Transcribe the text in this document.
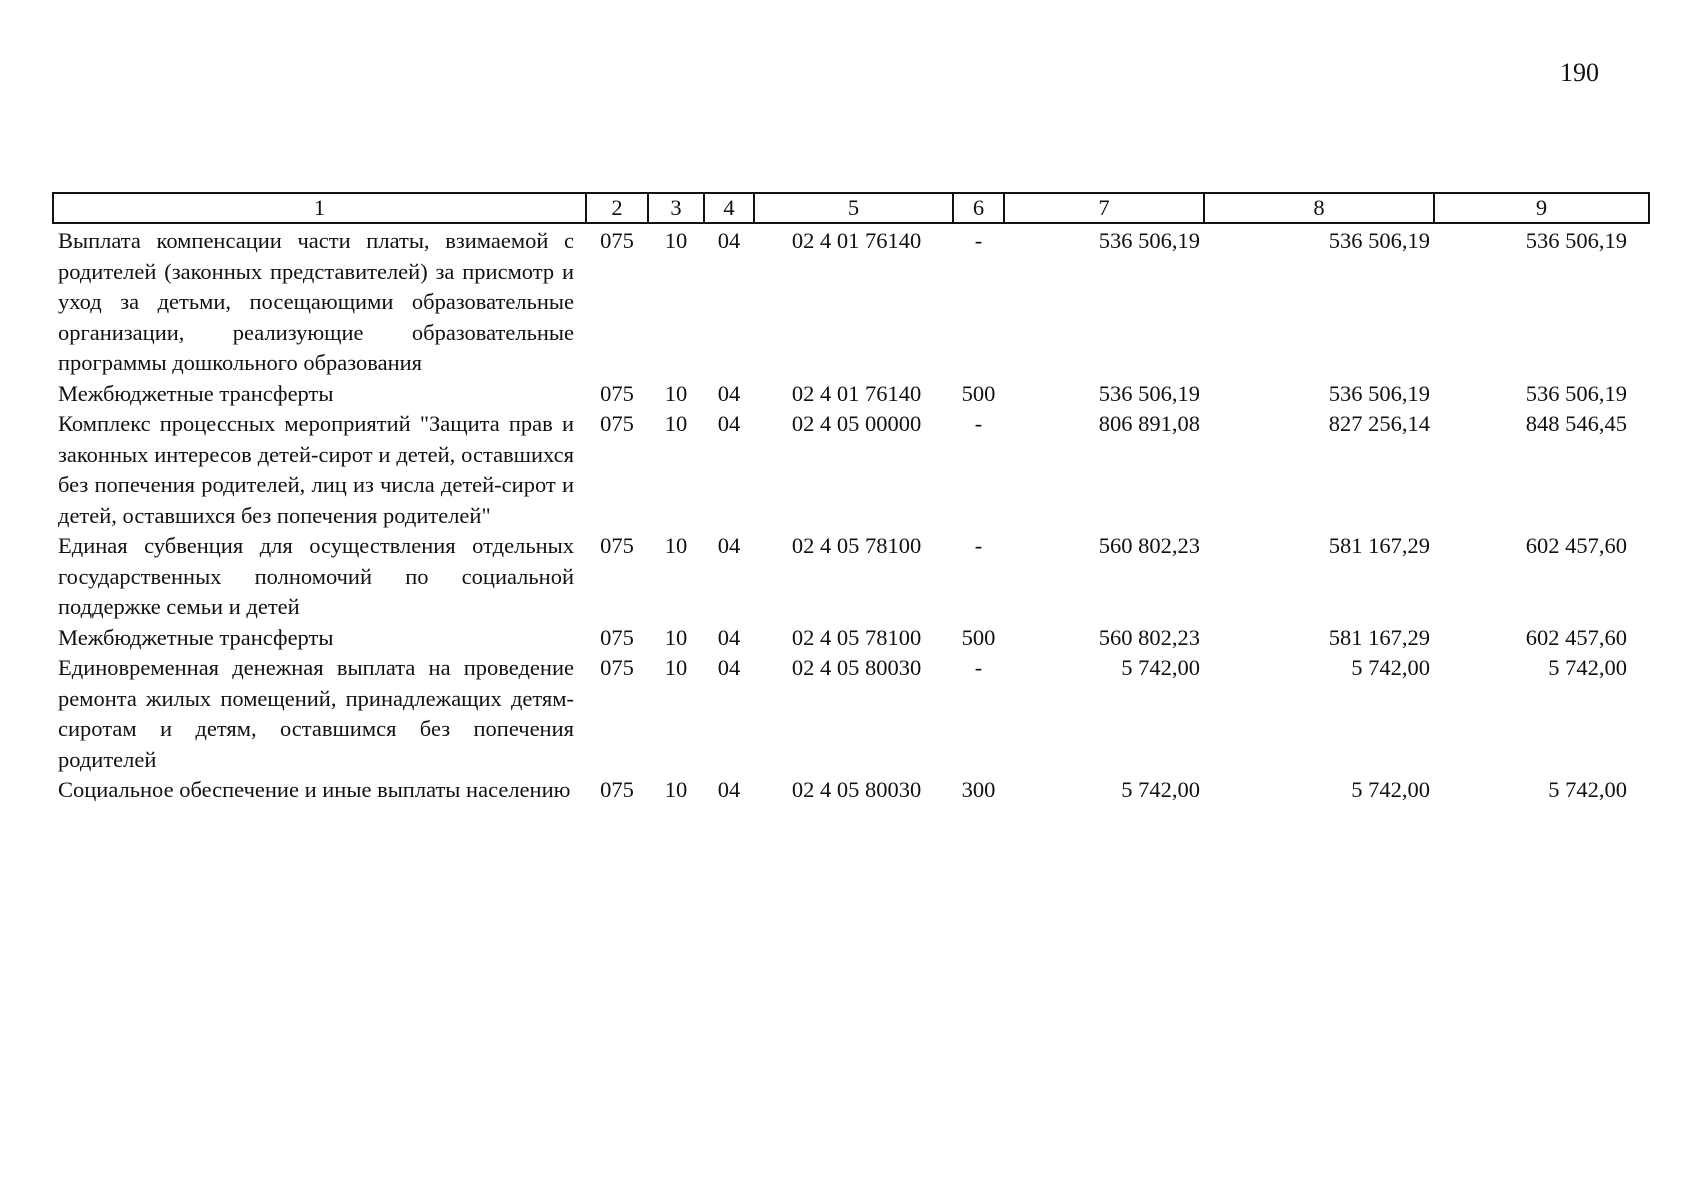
190
1	2	3	4	5	6	7	8	9
Выплата компенсации части платы, взимаемой с родителей (законных представителей) за присмотр и уход за детьми, посещающими образовательные организации, реализующие образовательные программы дошкольного образования	075	10	04	02 4 01 76140	-	536 506,19	536 506,19	536 506,19
Межбюджетные трансферты	075	10	04	02 4 01 76140	500	536 506,19	536 506,19	536 506,19
Комплекс процессных мероприятий "Защита прав и законных интересов детей-сирот и детей, оставшихся без попечения родителей, лиц из числа детей-сирот и детей, оставшихся без попечения родителей"	075	10	04	02 4 05 00000	-	806 891,08	827 256,14	848 546,45
Единая субвенция для осуществления отдельных государственных полномочий по социальной поддержке семьи и детей	075	10	04	02 4 05 78100	-	560 802,23	581 167,29	602 457,60
Межбюджетные трансферты	075	10	04	02 4 05 78100	500	560 802,23	581 167,29	602 457,60
Единовременная денежная выплата на проведение ремонта жилых помещений, принадлежащих детям-сиротам и детям, оставшимся без попечения родителей	075	10	04	02 4 05 80030	-	5 742,00	5 742,00	5 742,00
Социальное обеспечение и иные выплаты населению	075	10	04	02 4 05 80030	300	5 742,00	5 742,00	5 742,00
